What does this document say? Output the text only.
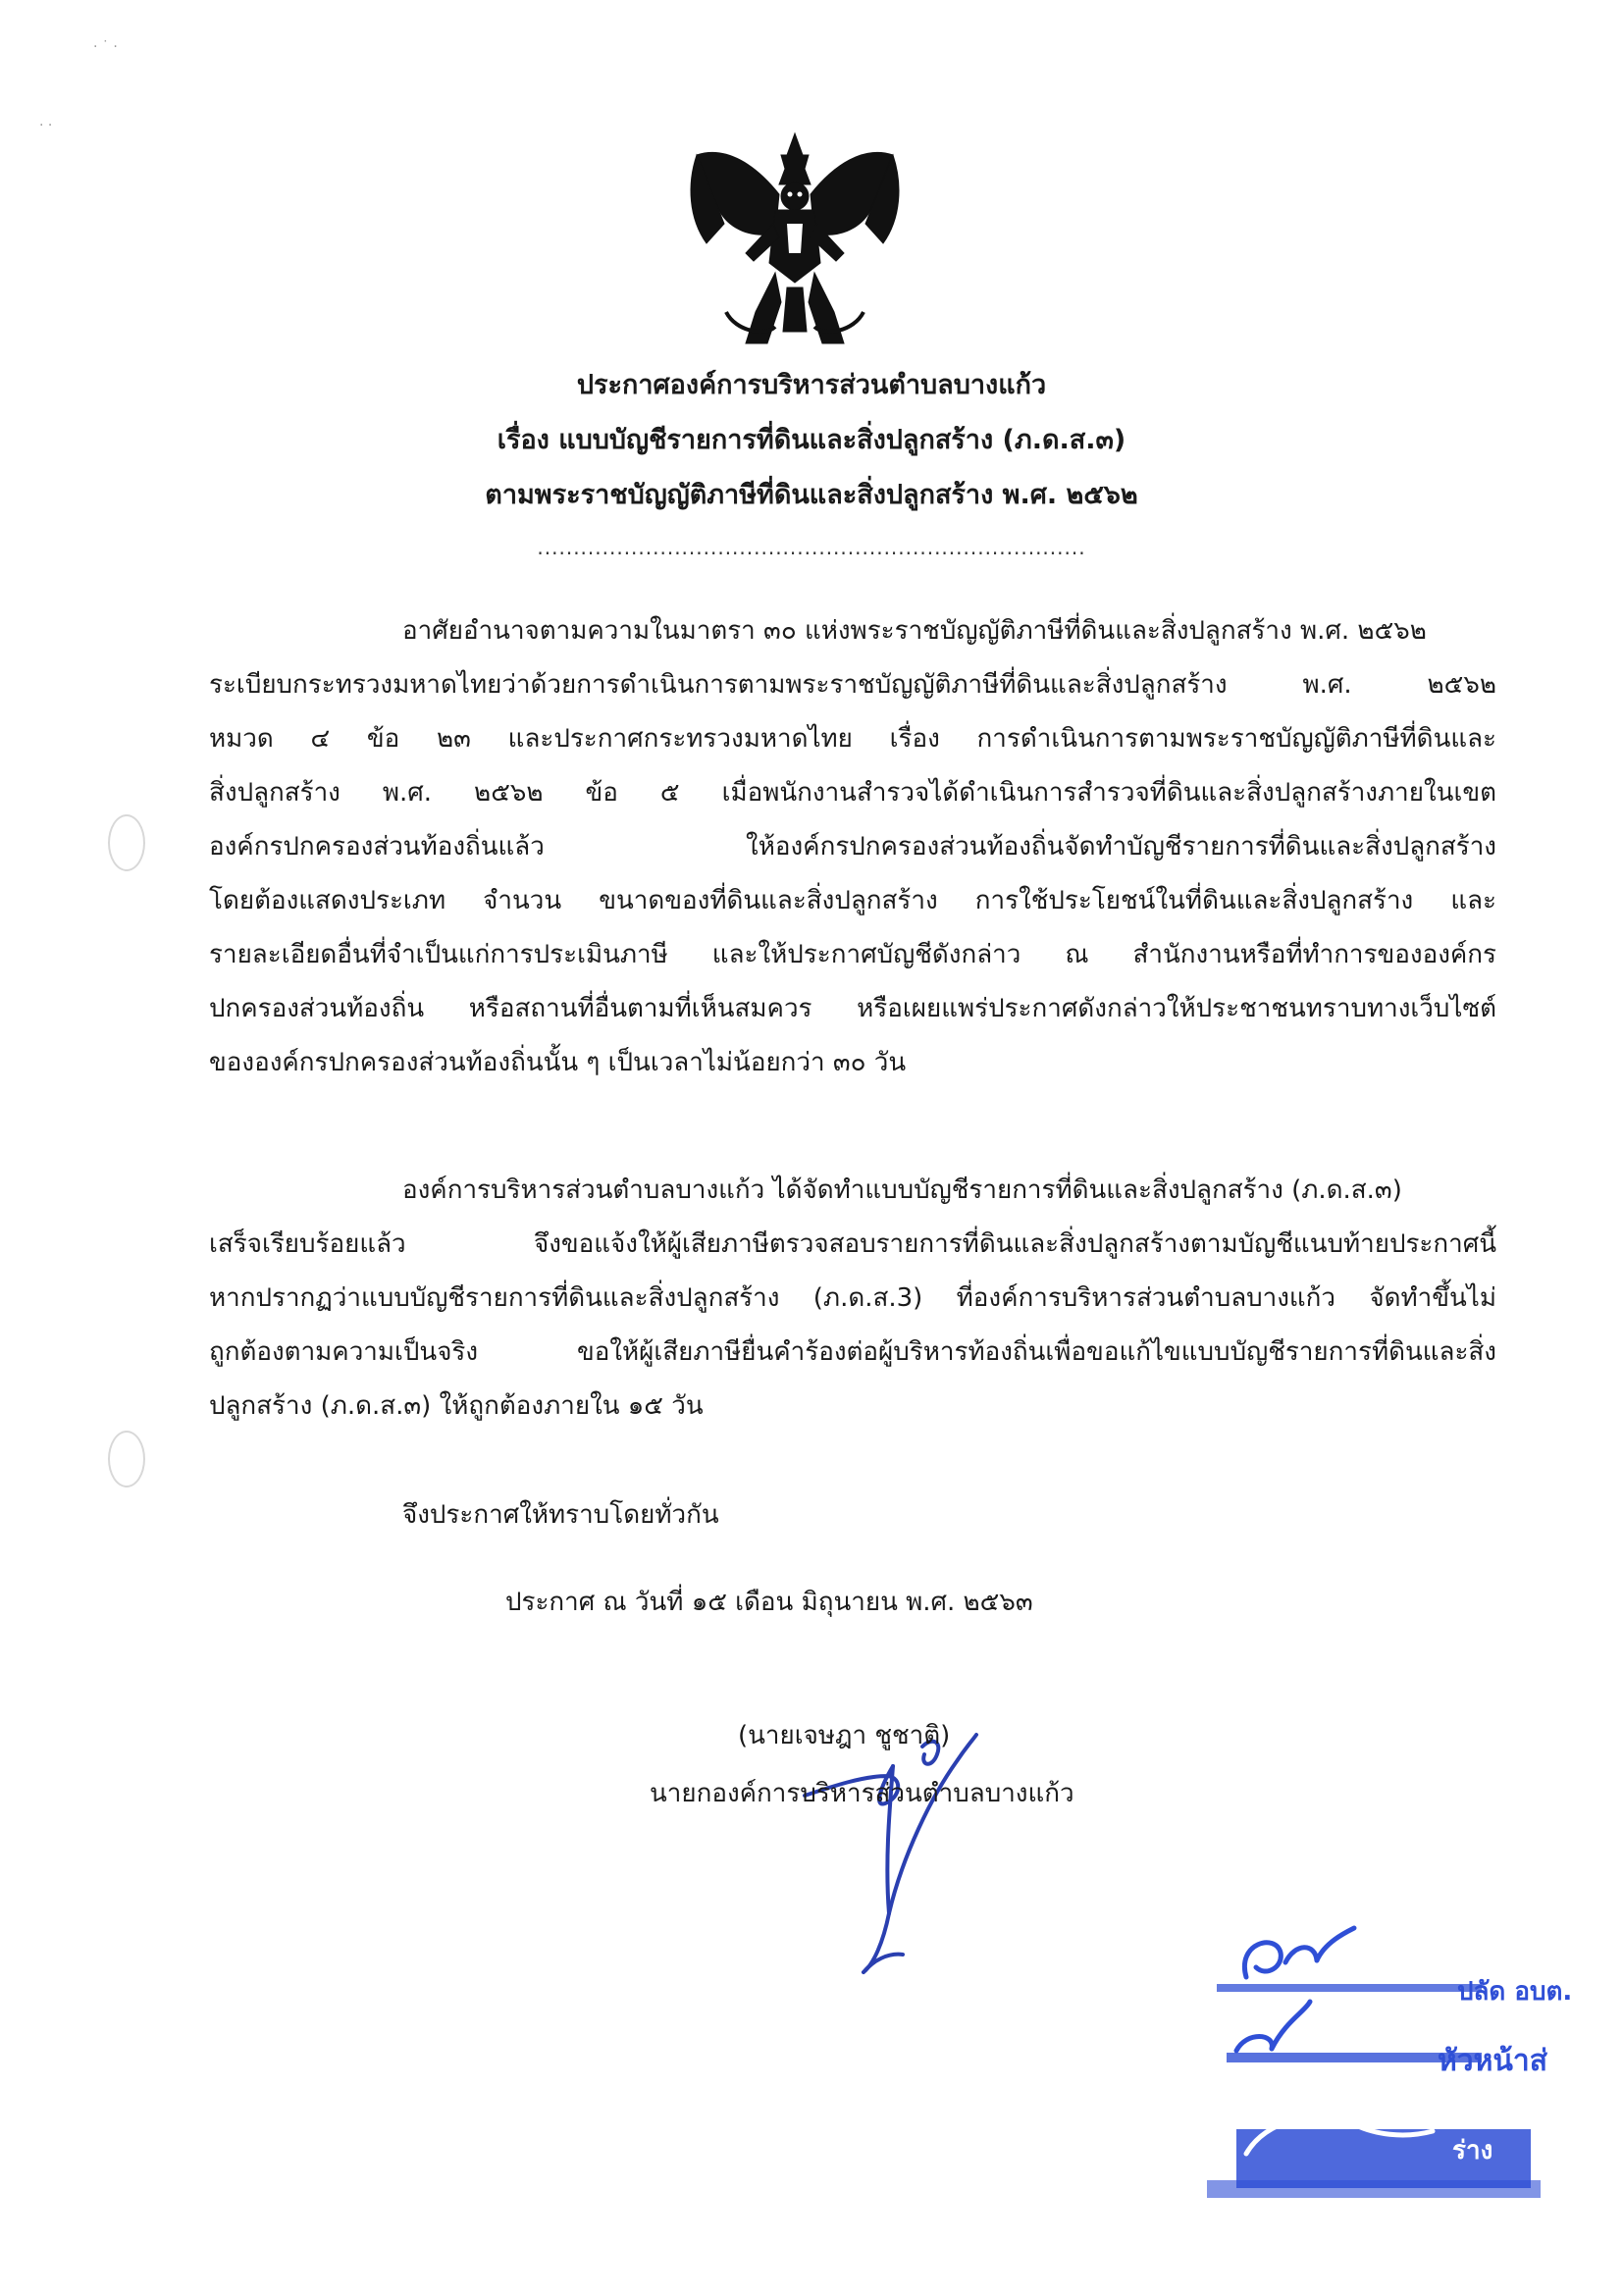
· ˙ ·
· ·
ประกาศองค์การบริหารส่วนตำบลบางแก้ว
เรื่อง แบบบัญชีรายการที่ดินและสิ่งปลูกสร้าง (ภ.ด.ส.๓)
ตามพระราชบัญญัติภาษีที่ดินและสิ่งปลูกสร้าง พ.ศ. ๒๕๖๒
............................................................................
อาศัยอำนาจตามความในมาตรา ๓๐ แห่งพระราชบัญญัติภาษีที่ดินและสิ่งปลูกสร้าง พ.ศ. ๒๕๖๒
ระเบียบกระทรวงมหาดไทยว่าด้วยการดำเนินการตามพระราชบัญญัติภาษีที่ดินและสิ่งปลูกสร้าง พ.ศ. ๒๕๖๒
หมวด ๔ ข้อ ๒๓ และประกาศกระทรวงมหาดไทย เรื่อง การดำเนินการตามพระราชบัญญัติภาษีที่ดินและ
สิ่งปลูกสร้าง พ.ศ. ๒๕๖๒ ข้อ ๕ เมื่อพนักงานสำรวจได้ดำเนินการสำรวจที่ดินและสิ่งปลูกสร้างภายในเขต
องค์กรปกครองส่วนท้องถิ่นแล้ว ให้องค์กรปกครองส่วนท้องถิ่นจัดทำบัญชีรายการที่ดินและสิ่งปลูกสร้าง
โดยต้องแสดงประเภท จำนวน ขนาดของที่ดินและสิ่งปลูกสร้าง การใช้ประโยชน์ในที่ดินและสิ่งปลูกสร้าง และ
รายละเอียดอื่นที่จำเป็นแก่การประเมินภาษี และให้ประกาศบัญชีดังกล่าว ณ สำนักงานหรือที่ทำการขององค์กร
ปกครองส่วนท้องถิ่น หรือสถานที่อื่นตามที่เห็นสมควร หรือเผยแพร่ประกาศดังกล่าวให้ประชาชนทราบทางเว็บไซต์
ขององค์กรปกครองส่วนท้องถิ่นนั้น ๆ เป็นเวลาไม่น้อยกว่า ๓๐ วัน
องค์การบริหารส่วนตำบลบางแก้ว ได้จัดทำแบบบัญชีรายการที่ดินและสิ่งปลูกสร้าง (ภ.ด.ส.๓)
เสร็จเรียบร้อยแล้ว จึงขอแจ้งให้ผู้เสียภาษีตรวจสอบรายการที่ดินและสิ่งปลูกสร้างตามบัญชีแนบท้ายประกาศนี้
หากปรากฏว่าแบบบัญชีรายการที่ดินและสิ่งปลูกสร้าง (ภ.ด.ส.3) ที่องค์การบริหารส่วนตำบลบางแก้ว จัดทำขึ้นไม่
ถูกต้องตามความเป็นจริง ขอให้ผู้เสียภาษียื่นคำร้องต่อผู้บริหารท้องถิ่นเพื่อขอแก้ไขแบบบัญชีรายการที่ดินและสิ่ง
ปลูกสร้าง (ภ.ด.ส.๓) ให้ถูกต้องภายใน ๑๕ วัน
จึงประกาศให้ทราบโดยทั่วกัน
ประกาศ ณ วันที่ ๑๕ เดือน มิถุนายน พ.ศ. ๒๕๖๓
(นายเจษฎา ชูชาติ)
นายกองค์การบริหารส่วนตำบลบางแก้ว
ปลัด อบต.
หัวหน้าส่
ร่าง
